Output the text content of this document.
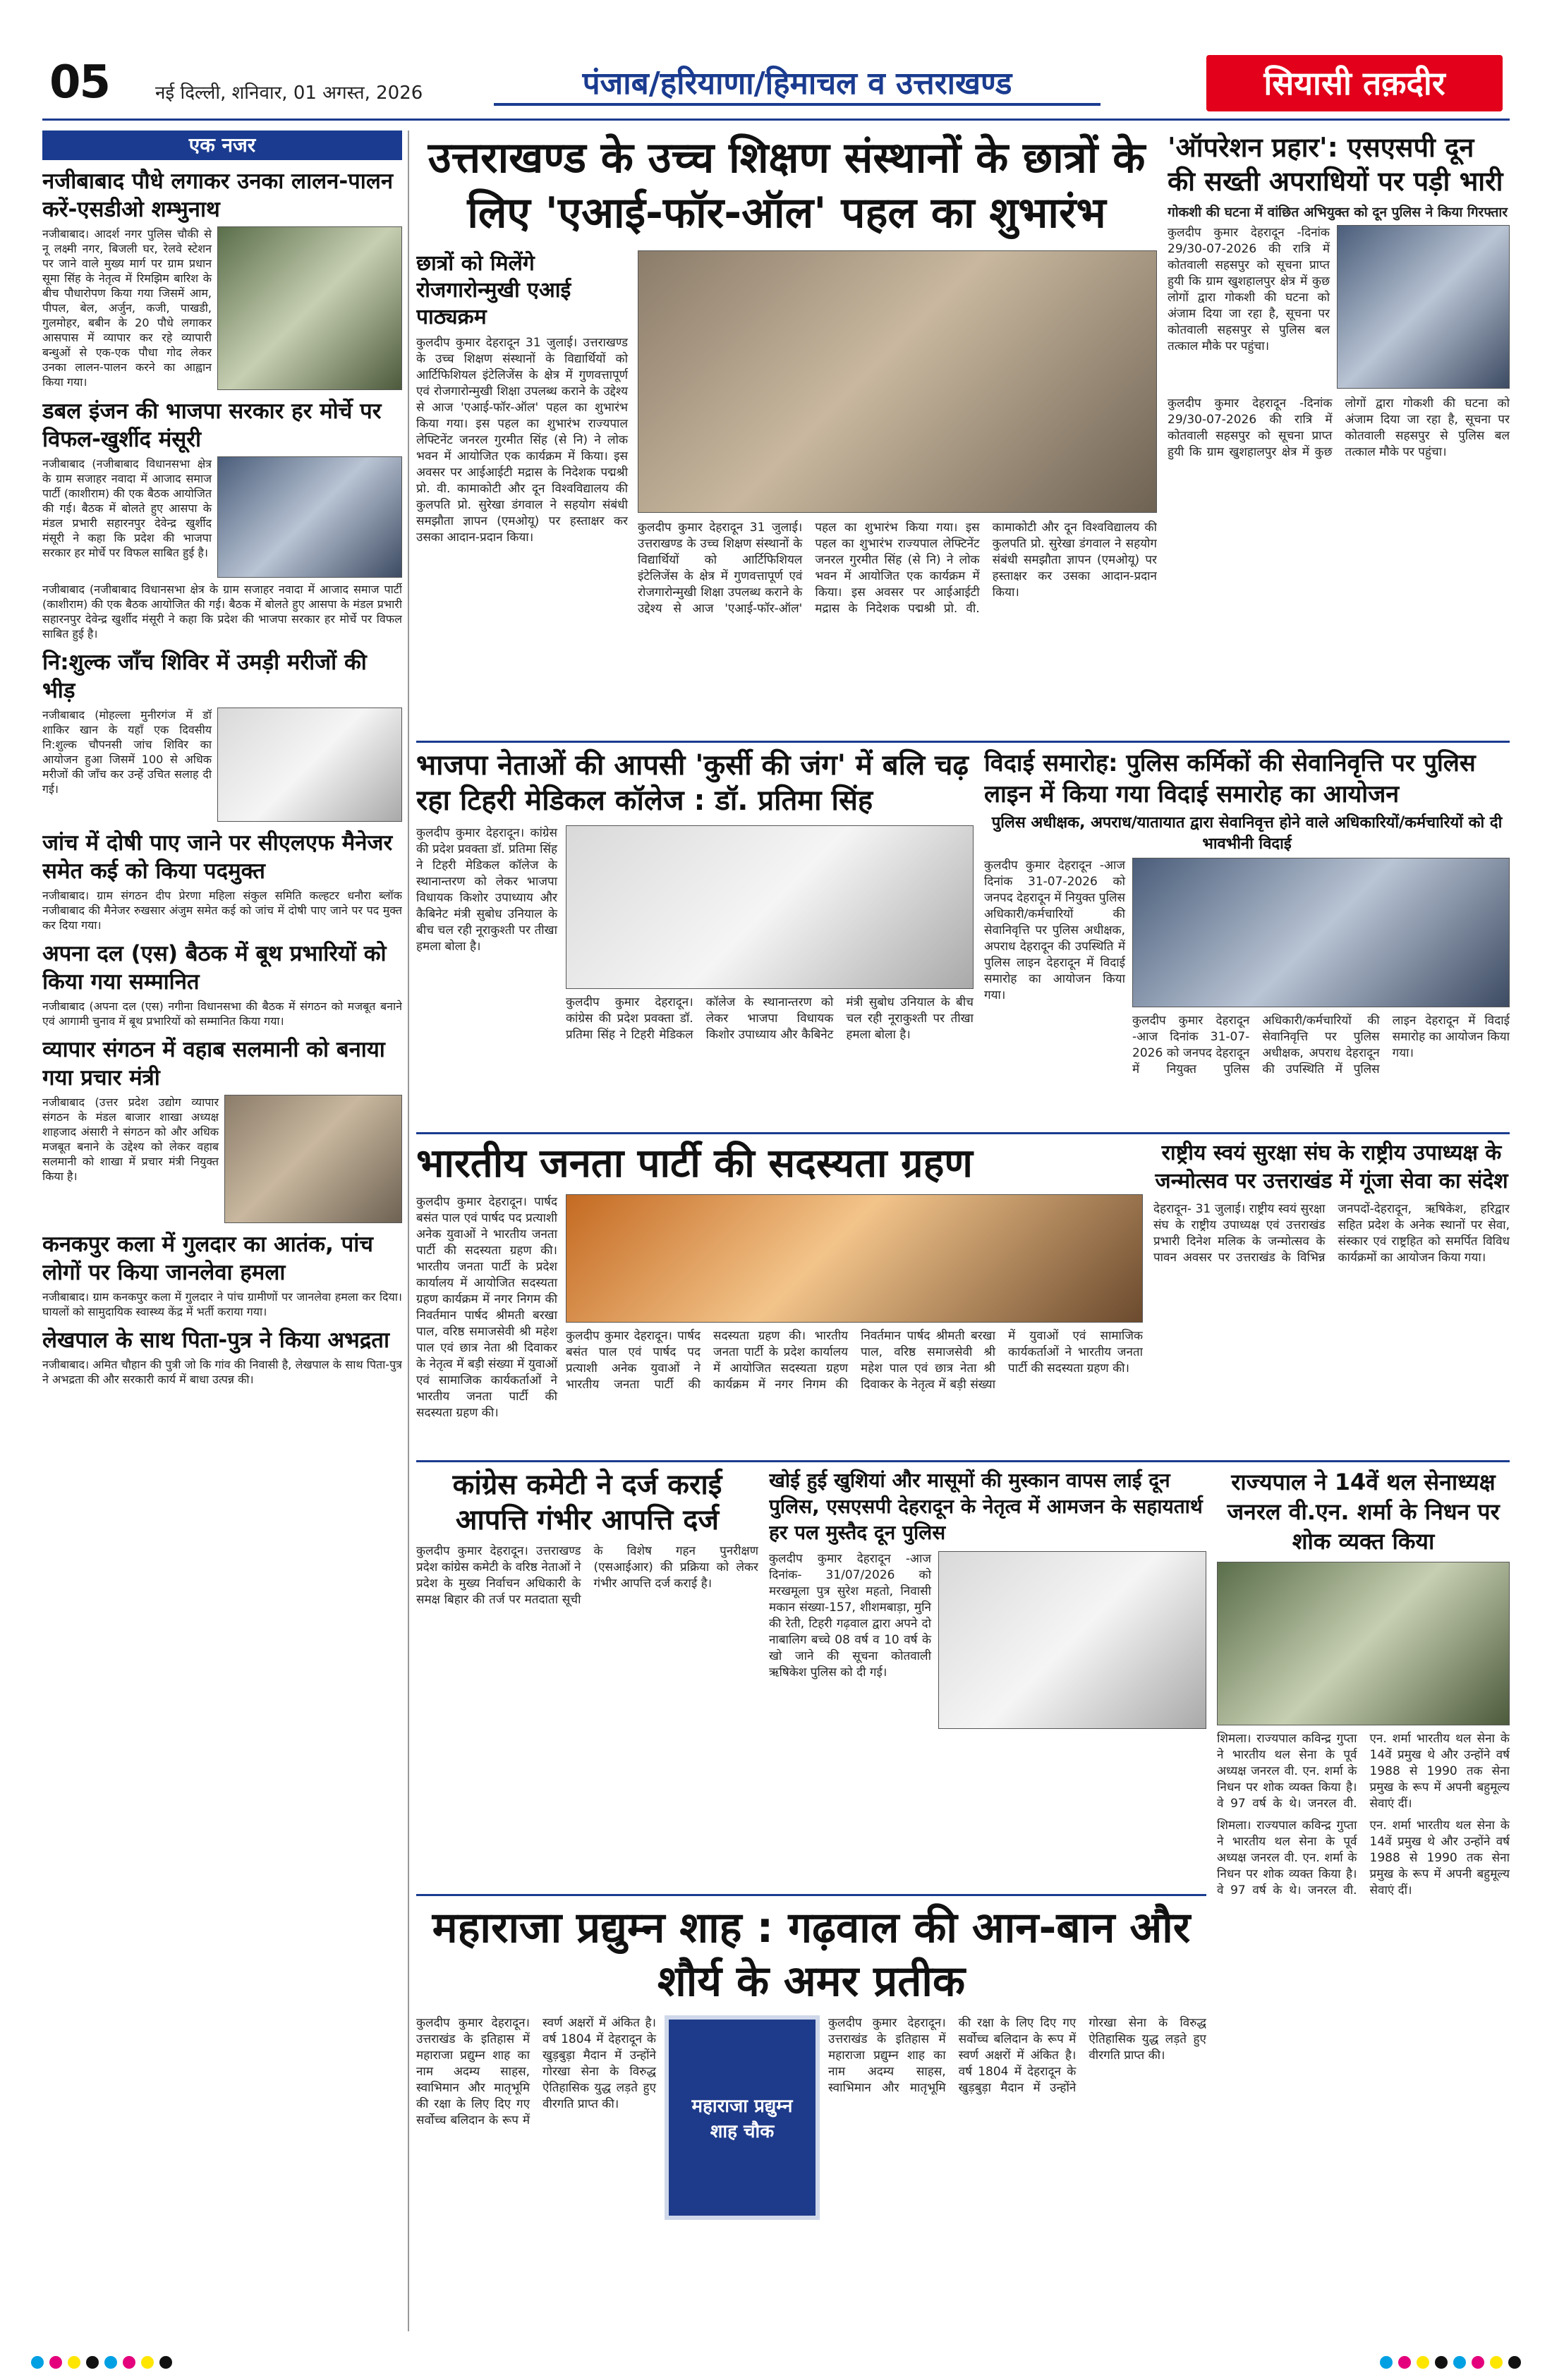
05 नई दिल्ली, शनिवार, 01 अगस्त, 2026	पंजाब/हरियाणा/हिमाचल व उत्तराखण्ड	सियासी तक़दीर
एक नजर
नजीबाबाद पौधे लगाकर उनका लालन-पालन करें-एसडीओ शम्भुनाथ
नजीबाबाद। आदर्श नगर पुलिस चौकी से नू लक्ष्मी नगर, बिजली घर, रेलवे स्टेशन पर जाने वाले मुख्य मार्ग पर ग्राम प्रधान सूमा सिंह के नेतृत्व में रिमझिम बारिश के बीच पौधारोपण किया गया जिसमें आम, पीपल, बेल, अर्जुन, कजी, पाखडी, गुलमोहर, बबीन के 20 पौधे लगाकर आसपास में व्यापार कर रहे व्यापारी बन्धुओं से एक-एक पौधा गोद लेकर उनका लालन-पालन करने का आह्वान किया गया।
डबल इंजन की भाजपा सरकार हर मोर्चे पर विफल-खुर्शीद मंसूरी
नजीबाबाद (नजीबाबाद विधानसभा क्षेत्र के ग्राम सजाहर नवादा में आजाद समाज पार्टी (काशीराम) की एक बैठक आयोजित की गई। बैठक में बोलते हुए आसपा के मंडल प्रभारी सहारनपुर देवेन्द्र खुर्शीद मंसूरी ने कहा कि प्रदेश की भाजपा सरकार हर मोर्चे पर विफल साबित हुई है।
नजीबाबाद (नजीबाबाद विधानसभा क्षेत्र के ग्राम सजाहर नवादा में आजाद समाज पार्टी (काशीराम) की एक बैठक आयोजित की गई। बैठक में बोलते हुए आसपा के मंडल प्रभारी सहारनपुर देवेन्द्र खुर्शीद मंसूरी ने कहा कि प्रदेश की भाजपा सरकार हर मोर्चे पर विफल साबित हुई है।
नि:शुल्क जाँच शिविर में उमड़ी मरीजों की भीड़
नजीबाबाद (मोहल्ला मुनीरगंज में डॉ शाकिर खान के यहाँ एक दिवसीय नि:शुल्क चौपनसी जांच शिविर का आयोजन हुआ जिसमें 100 से अधिक मरीजों की जाँच कर उन्हें उचित सलाह दी गई।
जांच में दोषी पाए जाने पर सीएलएफ मैनेजर समेत कई को किया पदमुक्त
नजीबाबाद। ग्राम संगठन दीप प्रेरणा महिला संकुल समिति कल्हटर धनौरा ब्लॉक नजीबाबाद की मैनेजर रुखसार अंजुम समेत कई को जांच में दोषी पाए जाने पर पद मुक्त कर दिया गया।
अपना दल (एस) बैठक में बूथ प्रभारियों को किया गया सम्मानित
नजीबाबाद (अपना दल (एस) नगीना विधानसभा की बैठक में संगठन को मजबूत बनाने एवं आगामी चुनाव में बूथ प्रभारियों को सम्मानित किया गया।
व्यापार संगठन में वहाब सलमानी को बनाया गया प्रचार मंत्री
नजीबाबाद (उत्तर प्रदेश उद्योग व्यापार संगठन के मंडल बाजार शाखा अध्यक्ष शाहजाद अंसारी ने संगठन को और अधिक मजबूत बनाने के उद्देश्य को लेकर वहाब सलमानी को शाखा में प्रचार मंत्री नियुक्त किया है।
कनकपुर कला में गुलदार का आतंक, पांच लोगों पर किया जानलेवा हमला
नजीबाबाद। ग्राम कनकपुर कला में गुलदार ने पांच ग्रामीणों पर जानलेवा हमला कर दिया। घायलों को सामुदायिक स्वास्थ्य केंद्र में भर्ती कराया गया।
लेखपाल के साथ पिता-पुत्र ने किया अभद्रता
नजीबाबाद। अमित चौहान की पुत्री जो कि गांव की निवासी है, लेखपाल के साथ पिता-पुत्र ने अभद्रता की और सरकारी कार्य में बाधा उत्पन्न की।
उत्तराखण्ड के उच्च शिक्षण संस्थानों के छात्रों के लिए 'एआई-फॉर-ऑल' पहल का शुभारंभ
छात्रों को मिलेंगे रोजगारोन्मुखी एआई पाठ्यक्रम
कुलदीप कुमार देहरादून 31 जुलाई। उत्तराखण्ड के उच्च शिक्षण संस्थानों के विद्यार्थियों को आर्टिफिशियल इंटेलिजेंस के क्षेत्र में गुणवत्तापूर्ण एवं रोजगारोन्मुखी शिक्षा उपलब्ध कराने के उद्देश्य से आज 'एआई-फॉर-ऑल' पहल का शुभारंभ किया गया। इस पहल का शुभारंभ राज्यपाल लेफ्टिनेंट जनरल गुरमीत सिंह (से नि) ने लोक भवन में आयोजित एक कार्यक्रम में किया। इस अवसर पर आईआईटी मद्रास के निदेशक पद्मश्री प्रो. वी. कामाकोटी और दून विश्वविद्यालय की कुलपति प्रो. सुरेखा डंगवाल ने सहयोग संबंधी समझौता ज्ञापन (एमओयू) पर हस्ताक्षर कर उसका आदान-प्रदान किया।
कुलदीप कुमार देहरादून 31 जुलाई। उत्तराखण्ड के उच्च शिक्षण संस्थानों के विद्यार्थियों को आर्टिफिशियल इंटेलिजेंस के क्षेत्र में गुणवत्तापूर्ण एवं रोजगारोन्मुखी शिक्षा उपलब्ध कराने के उद्देश्य से आज 'एआई-फॉर-ऑल' पहल का शुभारंभ किया गया। इस पहल का शुभारंभ राज्यपाल लेफ्टिनेंट जनरल गुरमीत सिंह (से नि) ने लोक भवन में आयोजित एक कार्यक्रम में किया। इस अवसर पर आईआईटी मद्रास के निदेशक पद्मश्री प्रो. वी. कामाकोटी और दून विश्वविद्यालय की कुलपति प्रो. सुरेखा डंगवाल ने सहयोग संबंधी समझौता ज्ञापन (एमओयू) पर हस्ताक्षर कर उसका आदान-प्रदान किया।
'ऑपरेशन प्रहार': एसएसपी दून की सख्ती अपराधियों पर पड़ी भारी
गोकशी की घटना में वांछित अभियुक्त को दून पुलिस ने किया गिरफ्तार
कुलदीप कुमार देहरादून -दिनांक 29/30-07-2026 की रात्रि में कोतवाली सहसपुर को सूचना प्राप्त हुयी कि ग्राम खुशहालपुर क्षेत्र में कुछ लोगों द्वारा गोकशी की घटना को अंजाम दिया जा रहा है, सूचना पर कोतवाली सहसपुर से पुलिस बल तत्काल मौके पर पहुंचा।
कुलदीप कुमार देहरादून -दिनांक 29/30-07-2026 की रात्रि में कोतवाली सहसपुर को सूचना प्राप्त हुयी कि ग्राम खुशहालपुर क्षेत्र में कुछ लोगों द्वारा गोकशी की घटना को अंजाम दिया जा रहा है, सूचना पर कोतवाली सहसपुर से पुलिस बल तत्काल मौके पर पहुंचा।
भाजपा नेताओं की आपसी 'कुर्सी की जंग' में बलि चढ़ रहा टिहरी मेडिकल कॉलेज : डॉ. प्रतिमा सिंह
कुलदीप कुमार देहरादून। कांग्रेस की प्रदेश प्रवक्ता डॉ. प्रतिमा सिंह ने टिहरी मेडिकल कॉलेज के स्थानान्तरण को लेकर भाजपा विधायक किशोर उपाध्याय और कैबिनेट मंत्री सुबोध उनियाल के बीच चल रही नूराकुश्ती पर तीखा हमला बोला है।
कुलदीप कुमार देहरादून। कांग्रेस की प्रदेश प्रवक्ता डॉ. प्रतिमा सिंह ने टिहरी मेडिकल कॉलेज के स्थानान्तरण को लेकर भाजपा विधायक किशोर उपाध्याय और कैबिनेट मंत्री सुबोध उनियाल के बीच चल रही नूराकुश्ती पर तीखा हमला बोला है।
विदाई समारोह: पुलिस कर्मिकों की सेवानिवृत्ति पर पुलिस लाइन में किया गया विदाई समारोह का आयोजन
पुलिस अधीक्षक, अपराध/यातायात द्वारा सेवानिवृत्त होने वाले अधिकारियों/कर्मचारियों को दी भावभीनी विदाई
कुलदीप कुमार देहरादून -आज दिनांक 31-07-2026 को जनपद देहरादून में नियुक्त पुलिस अधिकारी/कर्मचारियों की सेवानिवृत्ति पर पुलिस अधीक्षक, अपराध देहरादून की उपस्थिति में पुलिस लाइन देहरादून में विदाई समारोह का आयोजन किया गया।
कुलदीप कुमार देहरादून -आज दिनांक 31-07-2026 को जनपद देहरादून में नियुक्त पुलिस अधिकारी/कर्मचारियों की सेवानिवृत्ति पर पुलिस अधीक्षक, अपराध देहरादून की उपस्थिति में पुलिस लाइन देहरादून में विदाई समारोह का आयोजन किया गया।
भारतीय जनता पार्टी की सदस्यता ग्रहण
कुलदीप कुमार देहरादून। पार्षद बसंत पाल एवं पार्षद पद प्रत्याशी अनेक युवाओं ने भारतीय जनता पार्टी की सदस्यता ग्रहण की। भारतीय जनता पार्टी के प्रदेश कार्यालय में आयोजित सदस्यता ग्रहण कार्यक्रम में नगर निगम की निवर्तमान पार्षद श्रीमती बरखा पाल, वरिष्ठ समाजसेवी श्री महेश पाल एवं छात्र नेता श्री दिवाकर के नेतृत्व में बड़ी संख्या में युवाओं एवं सामाजिक कार्यकर्ताओं ने भारतीय जनता पार्टी की सदस्यता ग्रहण की।
कुलदीप कुमार देहरादून। पार्षद बसंत पाल एवं पार्षद पद प्रत्याशी अनेक युवाओं ने भारतीय जनता पार्टी की सदस्यता ग्रहण की। भारतीय जनता पार्टी के प्रदेश कार्यालय में आयोजित सदस्यता ग्रहण कार्यक्रम में नगर निगम की निवर्तमान पार्षद श्रीमती बरखा पाल, वरिष्ठ समाजसेवी श्री महेश पाल एवं छात्र नेता श्री दिवाकर के नेतृत्व में बड़ी संख्या में युवाओं एवं सामाजिक कार्यकर्ताओं ने भारतीय जनता पार्टी की सदस्यता ग्रहण की।
राष्ट्रीय स्वयं सुरक्षा संघ के राष्ट्रीय उपाध्यक्ष के जन्मोत्सव पर उत्तराखंड में गूंजा सेवा का संदेश
देहरादून- 31 जुलाई। राष्ट्रीय स्वयं सुरक्षा संघ के राष्ट्रीय उपाध्यक्ष एवं उत्तराखंड प्रभारी दिनेश मलिक के जन्मोत्सव के पावन अवसर पर उत्तराखंड के विभिन्न जनपदों-देहरादून, ऋषिकेश, हरिद्वार सहित प्रदेश के अनेक स्थानों पर सेवा, संस्कार एवं राष्ट्रहित को समर्पित विविध कार्यक्रमों का आयोजन किया गया।
कांग्रेस कमेटी ने दर्ज कराई आपत्ति गंभीर आपत्ति दर्ज
कुलदीप कुमार देहरादून। उत्तराखण्ड प्रदेश कांग्रेस कमेटी के वरिष्ठ नेताओं ने प्रदेश के मुख्य निर्वाचन अधिकारी के समक्ष बिहार की तर्ज पर मतदाता सूची के विशेष गहन पुनरीक्षण (एसआईआर) की प्रक्रिया को लेकर गंभीर आपत्ति दर्ज कराई है।
खोई हुई खुशियां और मासूमों की मुस्कान वापस लाई दून पुलिस, एसएसपी देहरादून के नेतृत्व में आमजन के सहायतार्थ हर पल मुस्तैद दून पुलिस
कुलदीप कुमार देहरादून -आज दिनांक- 31/07/2026 को मरखमूला पुत्र सुरेश महतो, निवासी मकान संख्या-157, शीशमबाड़ा, मुनि की रेती, टिहरी गढ़वाल द्वारा अपने दो नाबालिग बच्चे 08 वर्ष व 10 वर्ष के खो जाने की सूचना कोतवाली ऋषिकेश पुलिस को दी गई।
राज्यपाल ने 14वें थल सेनाध्यक्ष जनरल वी.एन. शर्मा के निधन पर शोक व्यक्त किया
शिमला। राज्यपाल कविन्द्र गुप्ता ने भारतीय थल सेना के पूर्व अध्यक्ष जनरल वी. एन. शर्मा के निधन पर शोक व्यक्त किया है। वे 97 वर्ष के थे। जनरल वी. एन. शर्मा भारतीय थल सेना के 14वें प्रमुख थे और उन्होंने वर्ष 1988 से 1990 तक सेना प्रमुख के रूप में अपनी बहुमूल्य सेवाएं दीं।
शिमला। राज्यपाल कविन्द्र गुप्ता ने भारतीय थल सेना के पूर्व अध्यक्ष जनरल वी. एन. शर्मा के निधन पर शोक व्यक्त किया है। वे 97 वर्ष के थे। जनरल वी. एन. शर्मा भारतीय थल सेना के 14वें प्रमुख थे और उन्होंने वर्ष 1988 से 1990 तक सेना प्रमुख के रूप में अपनी बहुमूल्य सेवाएं दीं।
महाराजा प्रद्युम्न शाह : गढ़वाल की आन-बान और शौर्य के अमर प्रतीक
कुलदीप कुमार देहरादून। उत्तराखंड के इतिहास में महाराजा प्रद्युम्न शाह का नाम अदम्य साहस, स्वाभिमान और मातृभूमि की रक्षा के लिए दिए गए सर्वोच्च बलिदान के रूप में स्वर्ण अक्षरों में अंकित है। वर्ष 1804 में देहरादून के खुड़बुड़ा मैदान में उन्होंने गोरखा सेना के विरुद्ध ऐतिहासिक युद्ध लड़ते हुए वीरगति प्राप्त की।	महाराजा प्रद्युम्न शाह चौक
कुलदीप कुमार देहरादून। उत्तराखंड के इतिहास में महाराजा प्रद्युम्न शाह का नाम अदम्य साहस, स्वाभिमान और मातृभूमि की रक्षा के लिए दिए गए सर्वोच्च बलिदान के रूप में स्वर्ण अक्षरों में अंकित है। वर्ष 1804 में देहरादून के खुड़बुड़ा मैदान में उन्होंने गोरखा सेना के विरुद्ध ऐतिहासिक युद्ध लड़ते हुए वीरगति प्राप्त की।
